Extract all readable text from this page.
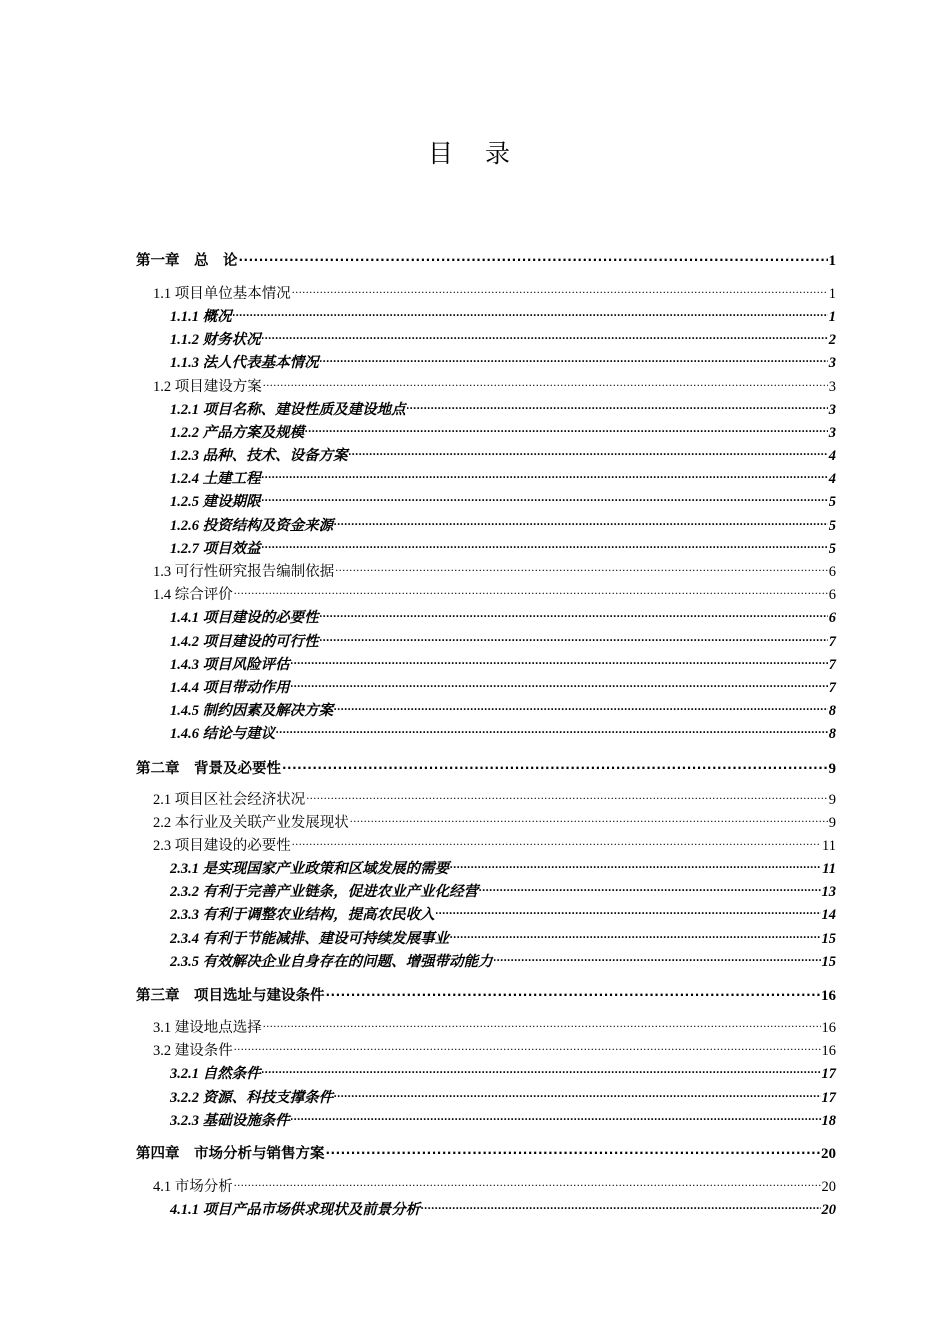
目 录
第一章　总　论 .....	1
1.1 项目单位基本情况 .....	1
1.1.1 概况 .....	1
1.1.2 财务状况 .....	2
1.1.3 法人代表基本情况 .....	3
1.2 项目建设方案 .....	3
1.2.1 项目名称、建设性质及建设地点 .....	3
1.2.2 产品方案及规模 .....	3
1.2.3 品种、技术、设备方案 .....	4
1.2.4 土建工程 .....	4
1.2.5 建设期限 .....	5
1.2.6 投资结构及资金来源 .....	5
1.2.7 项目效益 .....	5
1.3 可行性研究报告编制依据 .....	6
1.4 综合评价 .....	6
1.4.1 项目建设的必要性 .....	6
1.4.2 项目建设的可行性 .....	7
1.4.3 项目风险评估 .....	7
1.4.4 项目带动作用 .....	7
1.4.5 制约因素及解决方案 .....	8
1.4.6 结论与建议 .....	8
第二章　背景及必要性 .....	9
2.1 项目区社会经济状况 .....	9
2.2 本行业及关联产业发展现状 .....	9
2.3 项目建设的必要性 .....	11
2.3.1 是实现国家产业政策和区域发展的需要 .....	11
2.3.2 有利于完善产业链条，促进农业产业化经营 .....	13
2.3.3 有利于调整农业结构，提高农民收入 .....	14
2.3.4 有利于节能减排、建设可持续发展事业 .....	15
2.3.5 有效解决企业自身存在的问题、增强带动能力 .....	15
第三章　项目选址与建设条件 .....	16
3.1 建设地点选择 .....	16
3.2 建设条件 .....	16
3.2.1 自然条件 .....	17
3.2.2 资源、科技支撑条件 .....	17
3.2.3 基础设施条件 .....	18
第四章　市场分析与销售方案 .....	20
4.1 市场分析 .....	20
4.1.1 项目产品市场供求现状及前景分析 .....	20
